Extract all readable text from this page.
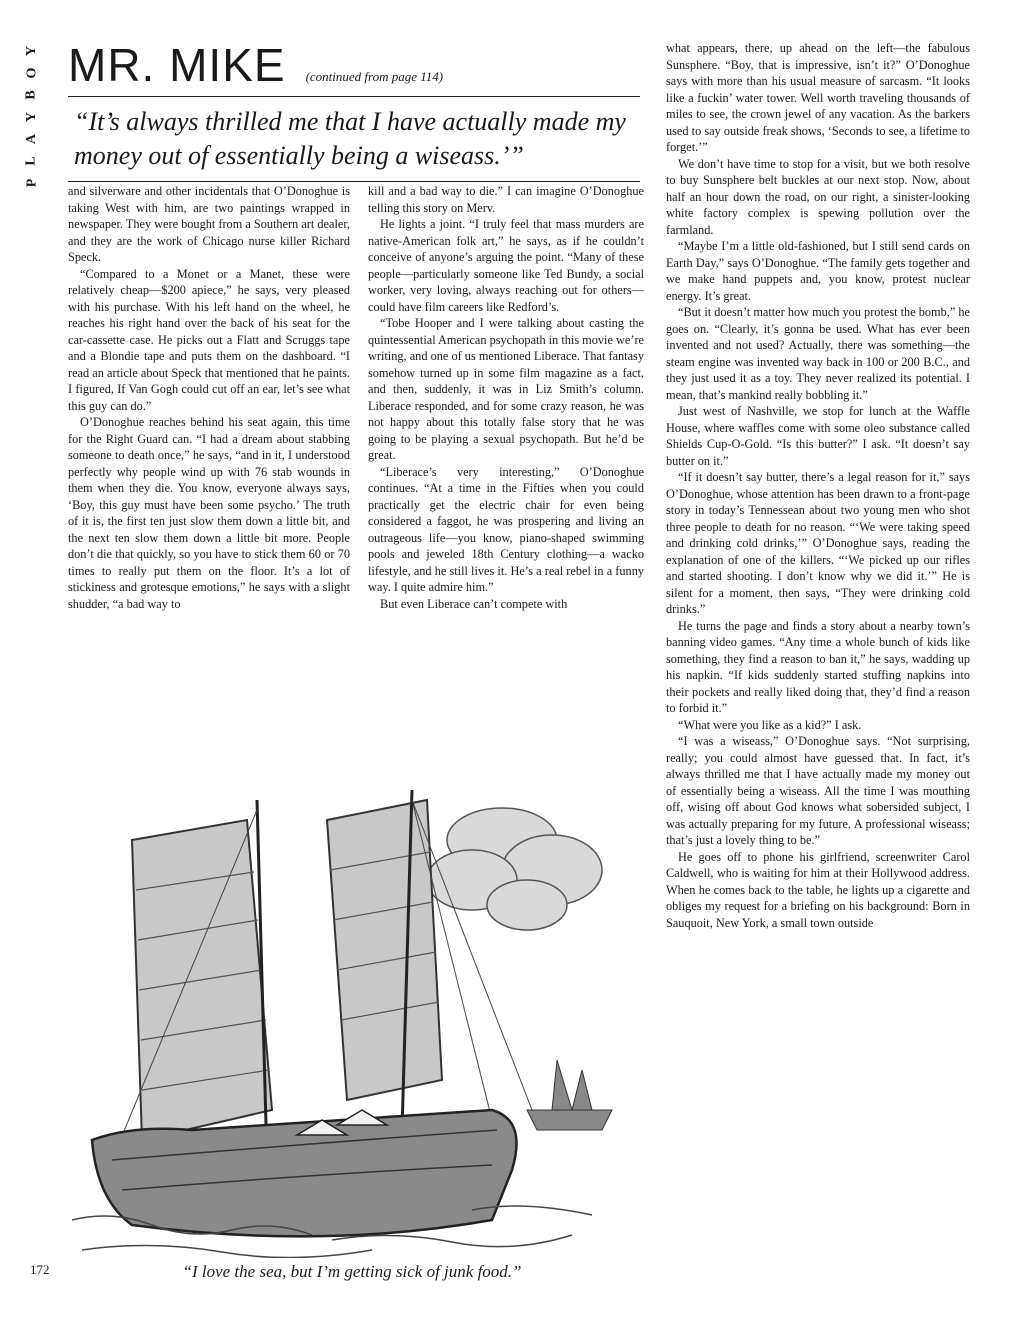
Y
O
B
Y
A
L
P
MR. MIKE (continued from page 114)
“It’s always thrilled me that I have actually made my money out of essentially being a wiseass.’”

and silverware and other incidentals that O’Donoghue is taking West with him, are two paintings wrapped in newspaper. They were bought from a Southern art dealer, and they are the work of Chicago nurse killer Richard Speck.

“Compared to a Monet or a Manet, these were relatively cheap—$200 apiece,” he says, very pleased with his purchase. With his left hand on the wheel, he reaches his right hand over the back of his seat for the car-cassette case. He picks out a Flatt and Scruggs tape and a Blondie tape and puts them on the dashboard. “I read an article about Speck that mentioned that he paints. I figured, If Van Gogh could cut off an ear, let’s see what this guy can do.”

O’Donoghue reaches behind his seat again, this time for the Right Guard can. “I had a dream about stabbing someone to death once,” he says, “and in it, I understood perfectly why people wind up with 76 stab wounds in them when they die. You know, everyone always says, ‘Boy, this guy must have been some psycho.’ The truth of it is, the first ten just slow them down a little bit, and the next ten slow them down a little bit more. People don’t die that quickly, so you have to stick them 60 or 70 times to really put them on the floor. It’s a lot of stickiness and grotesque emotions,” he says with a slight shudder, “a bad way to

kill and a bad way to die.” I can imagine O’Donoghue telling this story on Merv.

He lights a joint. “I truly feel that mass murders are native-American folk art,” he says, as if he couldn’t conceive of anyone’s arguing the point. “Many of these people—particularly someone like Ted Bundy, a social worker, very loving, always reaching out for others—could have film careers like Redford’s.

“Tobe Hooper and I were talking about casting the quintessential American psychopath in this movie we’re writing, and one of us mentioned Liberace. That fantasy somehow turned up in some film magazine as a fact, and then, suddenly, it was in Liz Smith’s column. Liberace responded, and for some crazy reason, he was not happy about this totally false story that he was going to be playing a sexual psychopath. But he’d be great.

“Liberace’s very interesting,” O’Donoghue continues. “At a time in the Fifties when you could practically get the electric chair for even being considered a faggot, he was prospering and living an outrageous life—you know, piano-shaped swimming pools and jeweled 18th Century clothing—a wacko lifestyle, and he still lives it. He’s a real rebel in a funny way. I quite admire him.”

But even Liberace can’t compete with

what appears, there, up ahead on the left—the fabulous Sunsphere. “Boy, that is impressive, isn’t it?” O’Donoghue says with more than his usual measure of sarcasm. “It looks like a fuckin’ water tower. Well worth traveling thousands of miles to see, the crown jewel of any vacation. As the barkers used to say outside freak shows, ‘Seconds to see, a lifetime to forget.’”

We don’t have time to stop for a visit, but we both resolve to buy Sunsphere belt buckles at our next stop. Now, about half an hour down the road, on our right, a sinister-looking white factory complex is spewing pollution over the farmland.

“Maybe I’m a little old-fashioned, but I still send cards on Earth Day,” says O’Donoghue. “The family gets together and we make hand puppets and, you know, protest nuclear energy. It’s great.

“But it doesn’t matter how much you protest the bomb,” he goes on. “Clearly, it’s gonna be used. What has ever been invented and not used? Actually, there was something—the steam engine was invented way back in 100 or 200 B.C., and they just used it as a toy. They never realized its potential. I mean, that’s mankind really bobbling it.”

Just west of Nashville, we stop for lunch at the Waffle House, where waffles come with some oleo substance called Shields Cup-O-Gold. “Is this butter?” I ask. “It doesn’t say butter on it.”

“If it doesn’t say butter, there’s a legal reason for it,” says O’Donoghue, whose attention has been drawn to a front-page story in today’s Tennessean about two young men who shot three people to death for no reason. “‘We were taking speed and drinking cold drinks,’” O’Donoghue says, reading the explanation of one of the killers. “‘We picked up our rifles and started shooting. I don’t know why we did it.’” He is silent for a moment, then says, “They were drinking cold drinks.”

He turns the page and finds a story about a nearby town’s banning video games. “Any time a whole bunch of kids like something, they find a reason to ban it,” he says, wadding up his napkin. “If kids suddenly started stuffing napkins into their pockets and really liked doing that, they’d find a reason to forbid it.”

“What were you like as a kid?” I ask.

“I was a wiseass,” O’Donoghue says. “Not surprising, really; you could almost have guessed that. In fact, it’s always thrilled me that I have actually made my money out of essentially being a wiseass. All the time I was mouthing off, wising off about God knows what sobersided subject, I was actually preparing for my future. A professional wiseass; that’s just a lovely thing to be.”

He goes off to phone his girlfriend, screenwriter Carol Caldwell, who is waiting for him at their Hollywood address. When he comes back to the table, he lights up a cigarette and obliges my request for a briefing on his background: Born in Sauquoit, New York, a small town outside

“I love the sea, but I’m getting sick of junk food.”
172
